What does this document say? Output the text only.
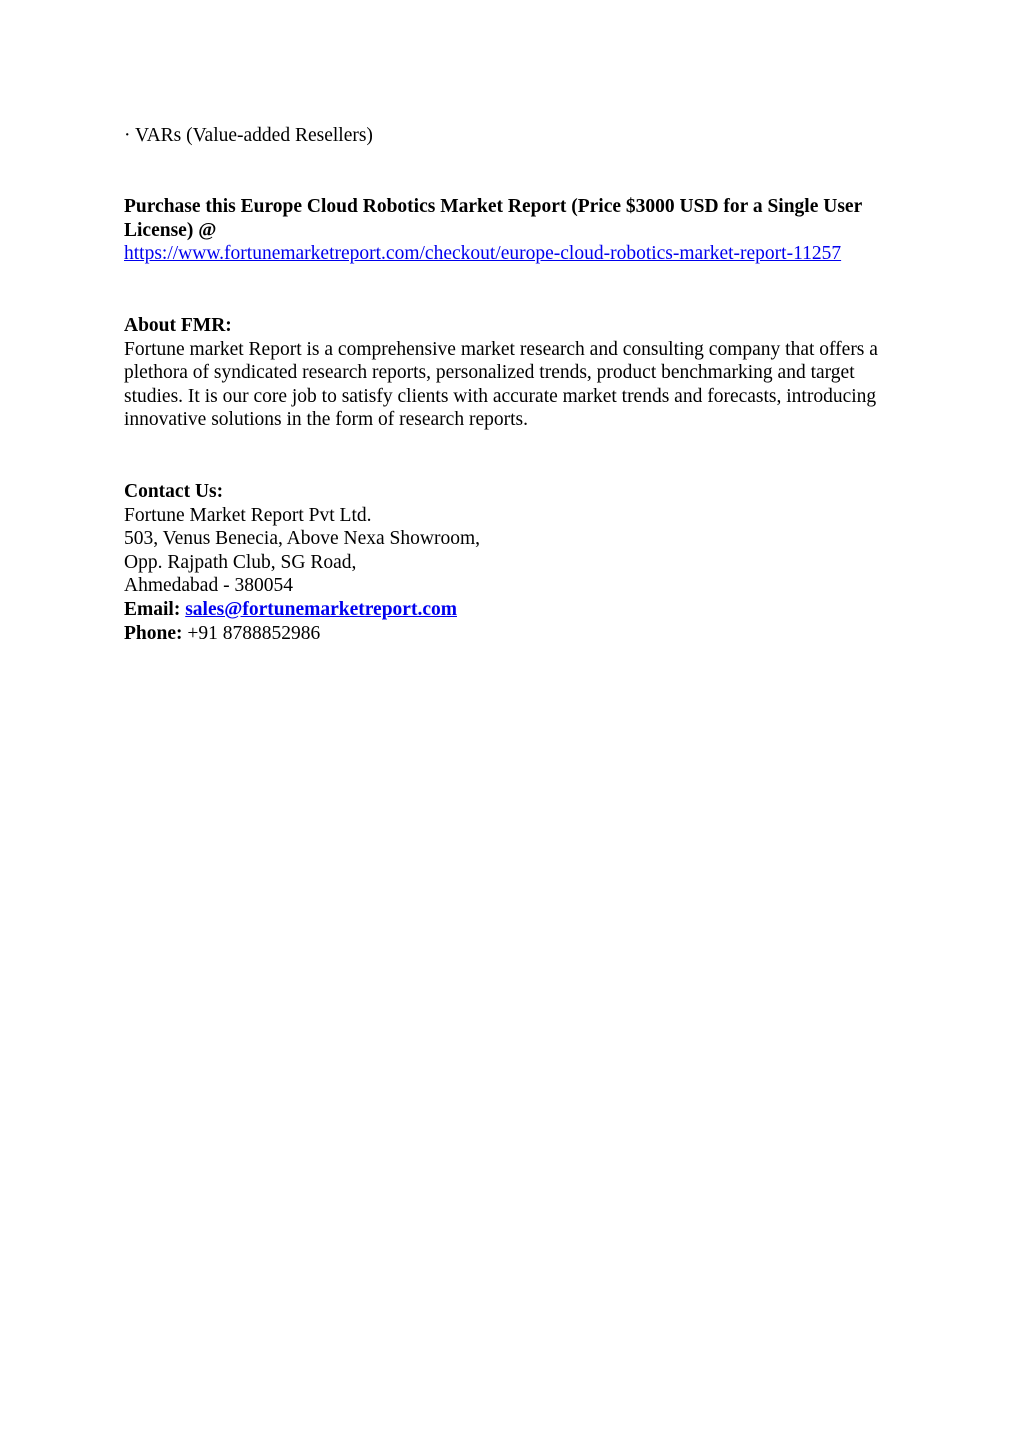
· VARs (Value-added Resellers)
Purchase this Europe Cloud Robotics Market Report (Price $3000 USD for a Single User License) @
https://www.fortunemarketreport.com/checkout/europe-cloud-robotics-market-report-11257
About FMR:
Fortune market Report is a comprehensive market research and consulting company that offers a plethora of syndicated research reports, personalized trends, product benchmarking and target studies. It is our core job to satisfy clients with accurate market trends and forecasts, introducing innovative solutions in the form of research reports.
Contact Us:
Fortune Market Report Pvt Ltd.
503, Venus Benecia, Above Nexa Showroom,
Opp. Rajpath Club, SG Road,
Ahmedabad - 380054
Email: sales@fortunemarketreport.com
Phone: +91 8788852986
